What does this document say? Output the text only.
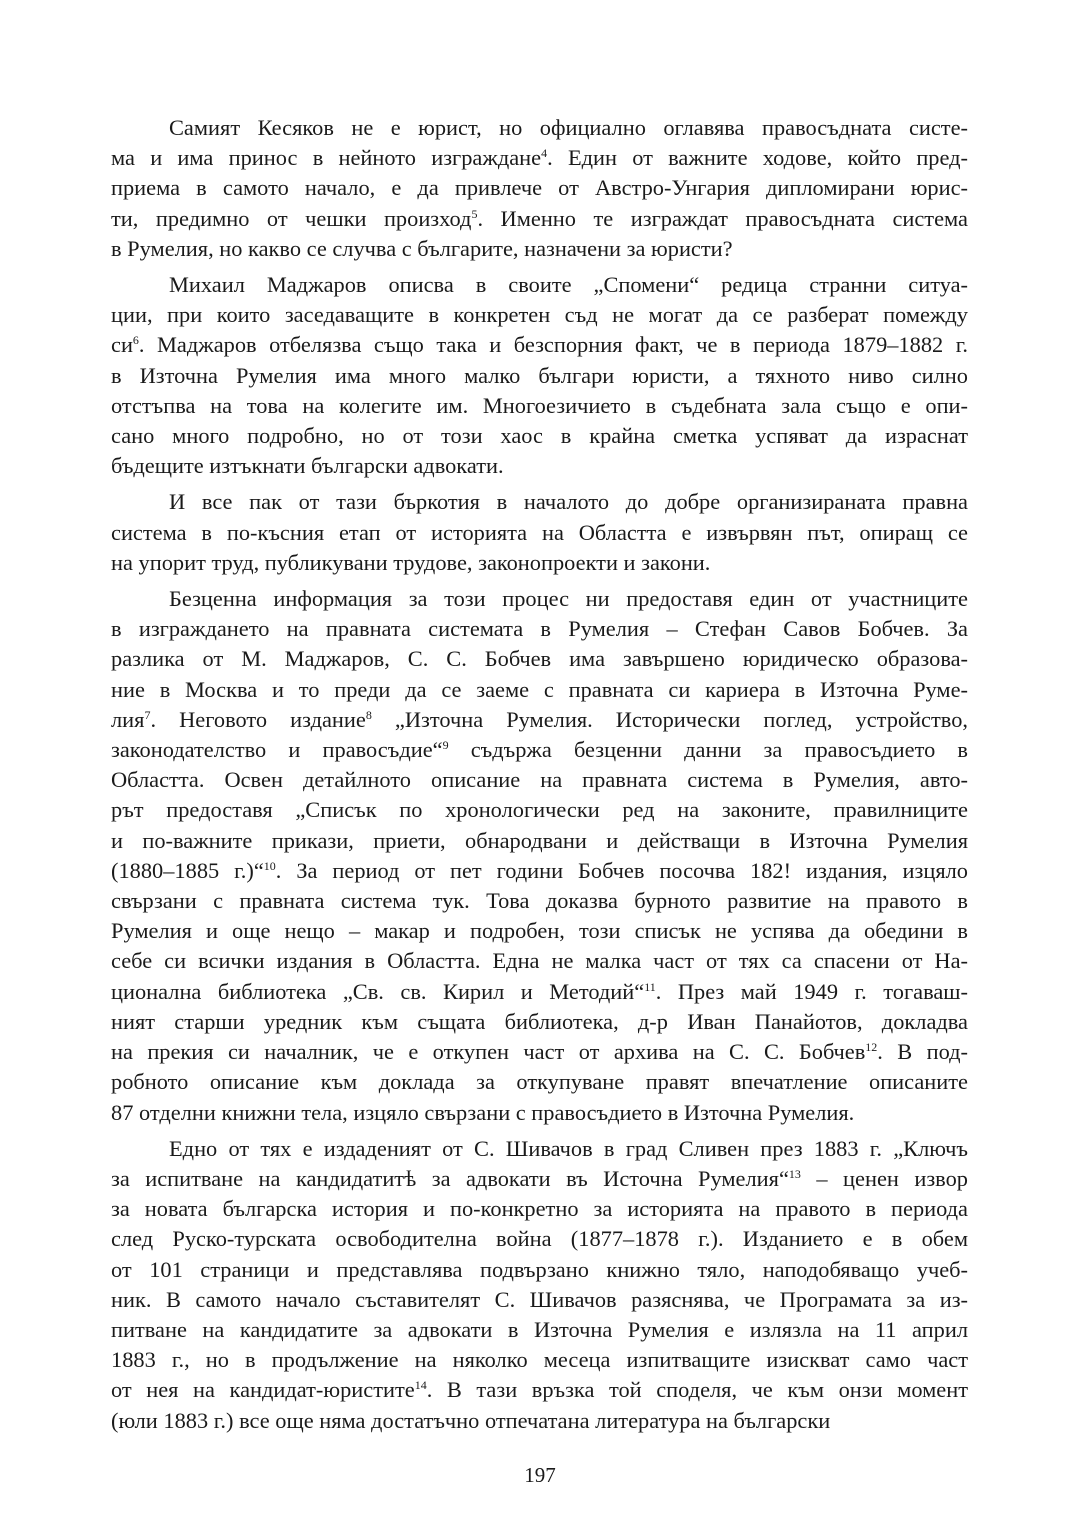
Самият Кесяков не е юрист, но официално оглавява правосъдната систе-
ма и има принос в нейното изграждане$^4$. Един от важните ходове, който пред-
приема в самото начало, е да привлече от Австро-Унгария дипломирани юрис-
ти, предимно от чешки произход$^5$. Именно те изграждат правосъдната система
в Румелия, но какво се случва с българите, назначени за юристи?
Михаил Маджаров описва в своите „Спомени“ редица странни ситуа-
ции, при които заседаващите в конкретен съд не могат да се разберат помежду
$си^6$. Маджаров отбелязва също така и безспорния факт, че в периода 1879–1882 г.
в Източна Румелия има много малко българи юристи, а тяхното ниво силно
отстъпва на това на колегите им. Многоезичието в съдебната зала също е опи-
сано много подробно, но от този хаос в крайна сметка успяват да израснат
бъдещите изтъкнати български адвокати.
И все пак от тази бъркотия в началото до добре организираната правна
система в по-късния етап от историята на Областта е извървян път, опиращ се
на упорит труд, публикувани трудове, законопроекти и закони.
Безценна информация за този процес ни предоставя един от участниците
в изграждането на правната системата в Румелия – Стефан Савов Бобчев. За
разлика от М. Маджаров, С. С. Бобчев има завършено юридическо образова-
ние в Москва и то преди да се заеме с правната си кариера в Източна Руме-
лия$^7$. Неговото издание$^8$ „Източна Румелия. Исторически поглед, устройство,
законодателство и правосъдие“$^9$ съдържа безценни данни за правосъдието в
Областта. Освен детайлното описание на правната система в Румелия, авто-
рът предоставя „Списък по хронологически ред на законите, правилниците
и по-важните прикази, приети, обнародвани и действащи в Източна Румелия
(1880–1885 г.)“$^{10}$. За период от пет години Бобчев посочва 182! издания, изцяло
свързани с правната система тук. Това доказва бурното развитие на правото в
Румелия и още нещо – макар и подробен, този списък не успява да обедини в
себе си всички издания в Областта. Една не малка част от тях са спасени от На-
ционална библиотека „Св. св. Кирил и Методий“$^{11}$. През май 1949 г. тогаваш-
ният старши уредник към същата библиотека, д-р Иван Панайотов, докладва
на прекия си началник, че е откупен част от архива на С. С. Бобчев$^{12}$. В под-
робното описание към доклада за откупуване правят впечатление описаните
87 отделни книжни тела, изцяло свързани с правосъдието в Източна Румелия.
Едно от тях е издаденият от С. Шивачов в град Сливен през 1883 г. „Ключъ
за испитване на кандидатитѣ за адвокати въ Источна Румелия“$^{13}$ – ценен извор
за новата българска история и по-конкретно за историята на правото в периода
след Руско-турската освободителна война (1877–1878 г.). Изданието е в обем
от 101 страници и представлява подвързано книжно тяло, наподобяващо учеб-
ник. В самото начало съставителят С. Шивачов разяснява, че Програмата за из-
питване на кандидатите за адвокати в Източна Румелия е излязла на 11 април
1883 г., но в продължение на няколко месеца изпитващите изискват само част
от нея на кандидат-юристите$^{14}$. В тази връзка той споделя, че към онзи момент
(юли 1883 г.) все още няма достатъчно отпечатана литература на български
197
